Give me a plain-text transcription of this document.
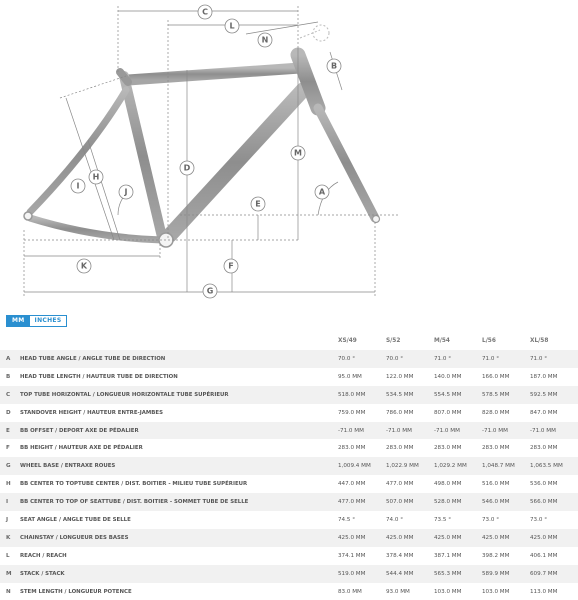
C
L
N
B
D
M
H
I
J	A
E
K	F
G
MM	INCHES
		XS/49	S/52	M/54	L/56	XL/58
A	HEAD TUBE ANGLE / ANGLE TUBE DE DIRECTION	70.0 °	70.0 °	71.0 °	71.0 °	71.0 °
B	HEAD TUBE LENGTH / HAUTEUR TUBE DE DIRECTION	95.0 MM	122.0 MM	140.0 MM	166.0 MM	187.0 MM
C	TOP TUBE HORIZONTAL / LONGUEUR HORIZONTALE TUBE SUPÉRIEUR	518.0 MM	534.5 MM	554.5 MM	578.5 MM	592.5 MM
D	STANDOVER HEIGHT / HAUTEUR ENTRE-JAMBES	759.0 MM	786.0 MM	807.0 MM	828.0 MM	847.0 MM
E	BB OFFSET / DEPORT AXE DE PÉDALIER	-71.0 MM	-71.0 MM	-71.0 MM	-71.0 MM	-71.0 MM
F	BB HEIGHT / HAUTEUR AXE DE PÉDALIER	283.0 MM	283.0 MM	283.0 MM	283.0 MM	283.0 MM
G	WHEEL BASE / ENTRAXE ROUES	1,009.4 MM	1,022.9 MM	1,029.2 MM	1,048.7 MM	1,063.5 MM
H	BB CENTER TO TOPTUBE CENTER / DIST. BOITIER - MILIEU TUBE SUPÉRIEUR	447.0 MM	477.0 MM	498.0 MM	516.0 MM	536.0 MM
I	BB CENTER TO TOP OF SEATTUBE / DIST. BOITIER - SOMMET TUBE DE SELLE	477.0 MM	507.0 MM	528.0 MM	546.0 MM	566.0 MM
J	SEAT ANGLE / ANGLE TUBE DE SELLE	74.5 °	74.0 °	73.5 °	73.0 °	73.0 °
K	CHAINSTAY / LONGUEUR DES BASES	425.0 MM	425.0 MM	425.0 MM	425.0 MM	425.0 MM
L	REACH / REACH	374.1 MM	378.4 MM	387.1 MM	398.2 MM	406.1 MM
M	STACK / STACK	519.0 MM	544.4 MM	565.3 MM	589.9 MM	609.7 MM
N	STEM LENGTH / LONGUEUR POTENCE	83.0 MM	93.0 MM	103.0 MM	103.0 MM	113.0 MM
